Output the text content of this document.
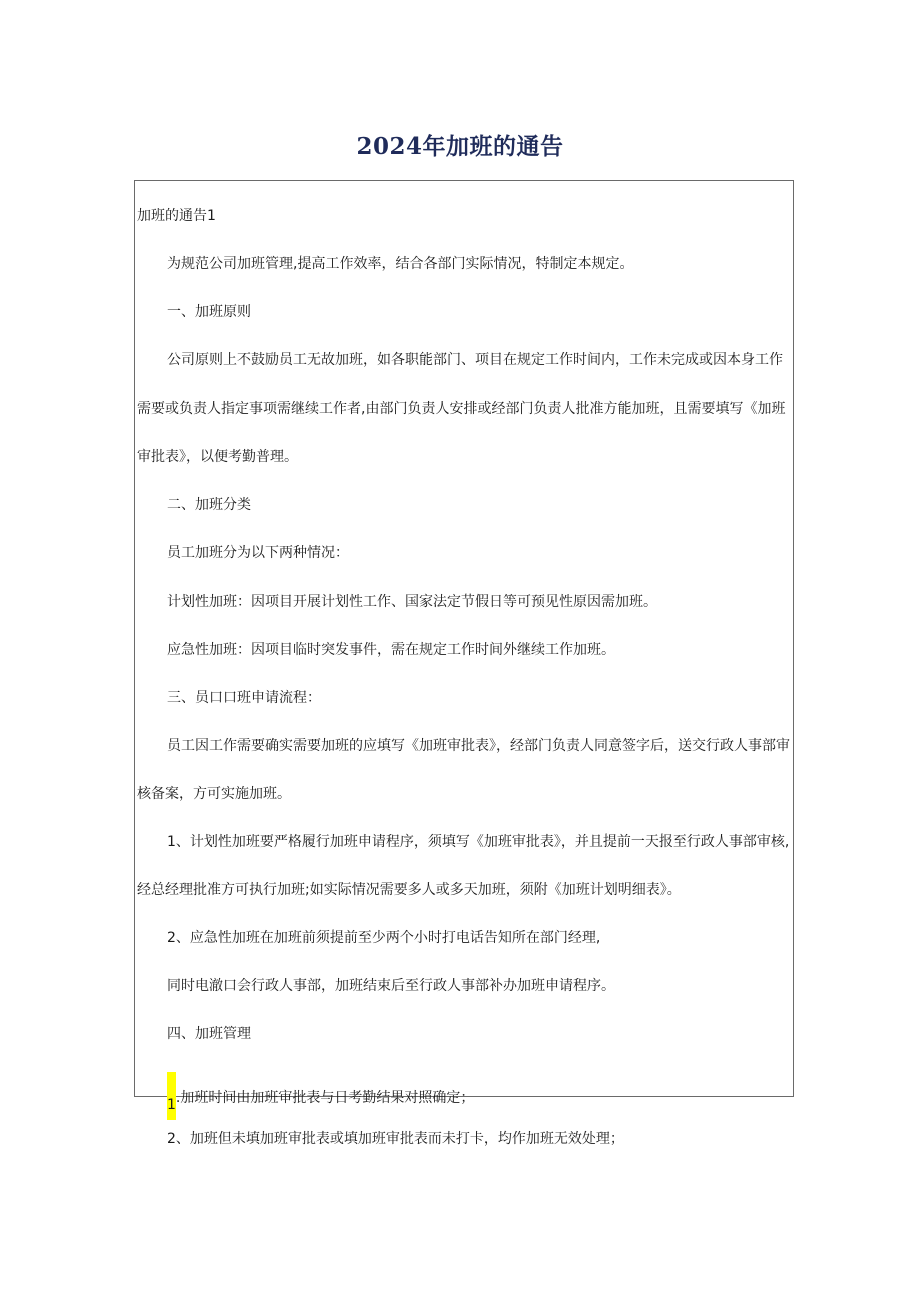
2024年加班的通告
加班的通告1
为规范公司加班管理,提高工作效率，结合各部门实际情况，特制定本规定。
一、加班原则
公司原则上不鼓励员工无故加班，如各职能部门、项目在规定工作时间内，工作未完成或因本身工作
需要或负责人指定事项需继续工作者,由部门负责人安排或经部门负责人批准方能加班，且需要填写《加班
审批表》，以便考勤普理。
二、加班分类
员工加班分为以下两种情况：
计划性加班：因项目开展计划性工作、国家法定节假日等可预见性原因需加班。
应急性加班：因项目临时突发事件，需在规定工作时间外继续工作加班。
三、员口口班申请流程：
员工因工作需要确实需要加班的应填写《加班审批表》，经部门负责人同意签字后，送交行政人事部审
核备案，方可实施加班。
1、计划性加班要严格履行加班申请程序，须填写《加班审批表》，并且提前一天报至行政人事部审核,
经总经理批准方可执行加班;如实际情况需要多人或多天加班，须附《加班计划明细表》。
2、应急性加班在加班前须提前至少两个小时打电话告知所在部门经理,
同时电澈口会行政人事部，加班结束后至行政人事部补办加班申请程序。
四、加班管理
1.加班时间由加班审批表与日考勤结果对照确定；
2、加班但未填加班审批表或填加班审批表而未打卡，均作加班无效处理；
